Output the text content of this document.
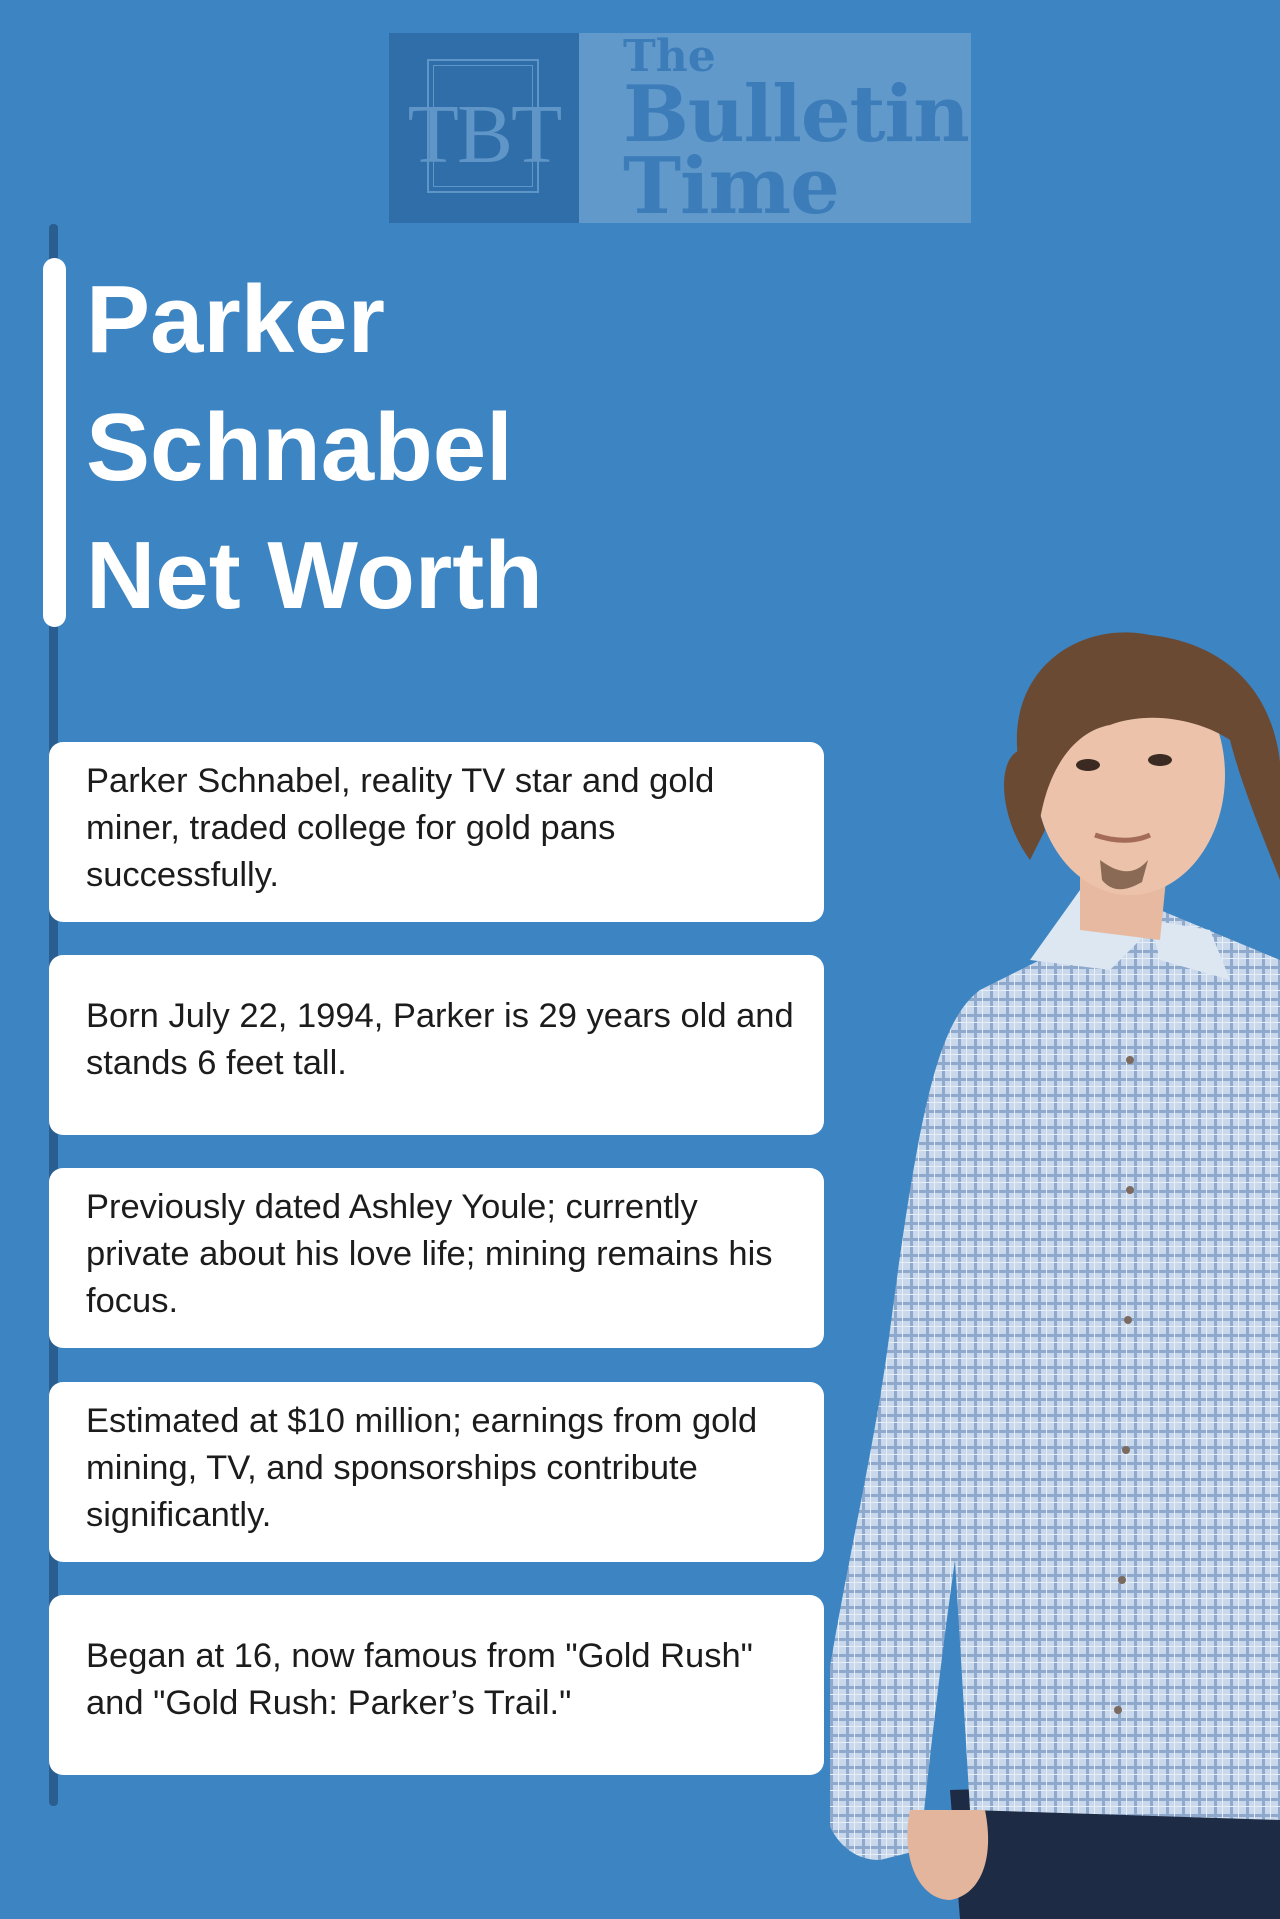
TBT
The
Bulletin
Time
Parker
Schnabel
Net Worth
Parker Schnabel, reality TV star and gold miner, traded college for gold pans successfully.
Born July 22, 1994, Parker is 29 years old and stands 6 feet tall.
Previously dated Ashley Youle; currently private about his love life; mining remains his focus.
Estimated at $10 million; earnings from gold mining, TV, and sponsorships contribute significantly.
Began at 16, now famous from "Gold Rush" and "Gold Rush: Parker’s Trail."
